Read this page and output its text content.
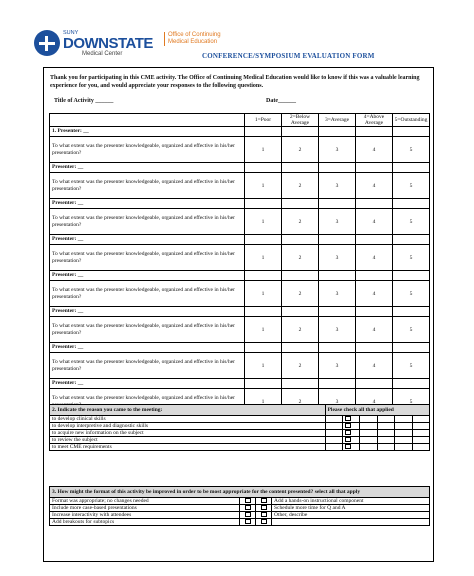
SUNY
DOWNSTATE
Medical Center
Office of Continuing Medical Education
CONFERENCE/SYMPOSIUM EVALUATION FORM
Thank you for participating in this CME activity. The Office of Continuing Medical Education would like to know if this was a valuable learning experience for you, and would appreciate your responses to the following questions.
Title of Activity ______	Date______
	1=Poor	2=Below Average	3=Average	4=Above Average	5=Outstanding
1. Presenter: __					
To what extent was the presenter knowledgeable, organized and effective in his/her presentation?	1	2	3	4	5
Presenter: __					
To what extent was the presenter knowledgeable, organized and effective in his/her presentation?	1	2	3	4	5
Presenter: __					
To what extent was the presenter knowledgeable, organized and effective in his/her presentation?	1	2	3	4	5
Presenter: __					
To what extent was the presenter knowledgeable, organized and effective in his/her presentation?	1	2	3	4	5
Presenter: __					
To what extent was the presenter knowledgeable, organized and effective in his/her presentation?	1	2	3	4	5
Presenter: __					
To what extent was the presenter knowledgeable, organized and effective in his/her presentation?	1	2	3	4	5
Presenter: __					
To what extent was the presenter knowledgeable, organized and effective in his/her presentation?	1	2	3	4	5
Presenter: __					
To what extent was the presenter knowledgeable, organized and effective in his/her	1	2	3	4	5
2. Indicate the reason you came to the meeting:	Please check all that applied					
to develop clinical skills						
to develop interpretive and diagnostic skills						
to acquire new information on the subject						
to review the subject						
to meet CME requirements						
3. How might the format of this activity be improved in order to be most appropriate for the content presented? select all that apply			
Format was appropriate; no changes needed			Add a hands-on instructional component
Include more case-based presentations			Schedule more time for Q and A
Increase interactivity with attendees			Other, describe
Add breakouts for subtopics			
